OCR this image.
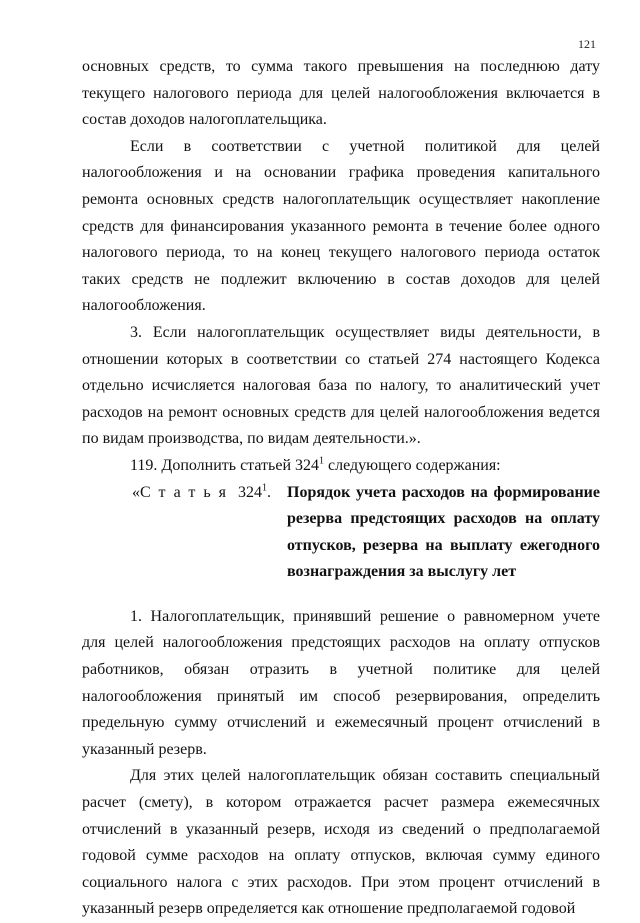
121

основных средств, то сумма такого превышения на последнюю дату текущего налогового периода для целей налогообложения включается в состав доходов налогоплательщика.

Если в соответствии с учетной политикой для целей налогообложения и на основании графика проведения капитального ремонта основных средств налогоплательщик осуществляет накопление средств для финансирования указанного ремонта в течение более одного налогового периода, то на конец текущего налогового периода остаток таких средств не подлежит включению в состав доходов для целей налогообложения.

3. Если налогоплательщик осуществляет виды деятельности, в отношении которых в соответствии со статьей 274 настоящего Кодекса отдельно исчисляется налоговая база по налогу, то аналитический учет расходов на ремонт основных средств для целей налогообложения ведется по видам производства, по видам деятельности.».

119. Дополнить статьей $324^1$ следующего содержания:

«Статья $324^1$.	Порядок учета расходов на формирование резерва предстоящих расходов на оплату отпусков, резерва на выплату ежегодного вознаграждения за выслугу лет

1. Налогоплательщик, принявший решение о равномерном учете для целей налогообложения предстоящих расходов на оплату отпусков работников, обязан отразить в учетной политике для целей налогообложения принятый им способ резервирования, определить предельную сумму отчислений и ежемесячный процент отчислений в указанный резерв.

Для этих целей налогоплательщик обязан составить специальный расчет (смету), в котором отражается расчет размера ежемесячных отчислений в указанный резерв, исходя из сведений о предполагаемой годовой сумме расходов на оплату отпусков, включая сумму единого социального налога с этих расходов. При этом процент отчислений в указанный резерв определяется как отношение предполагаемой годовой
